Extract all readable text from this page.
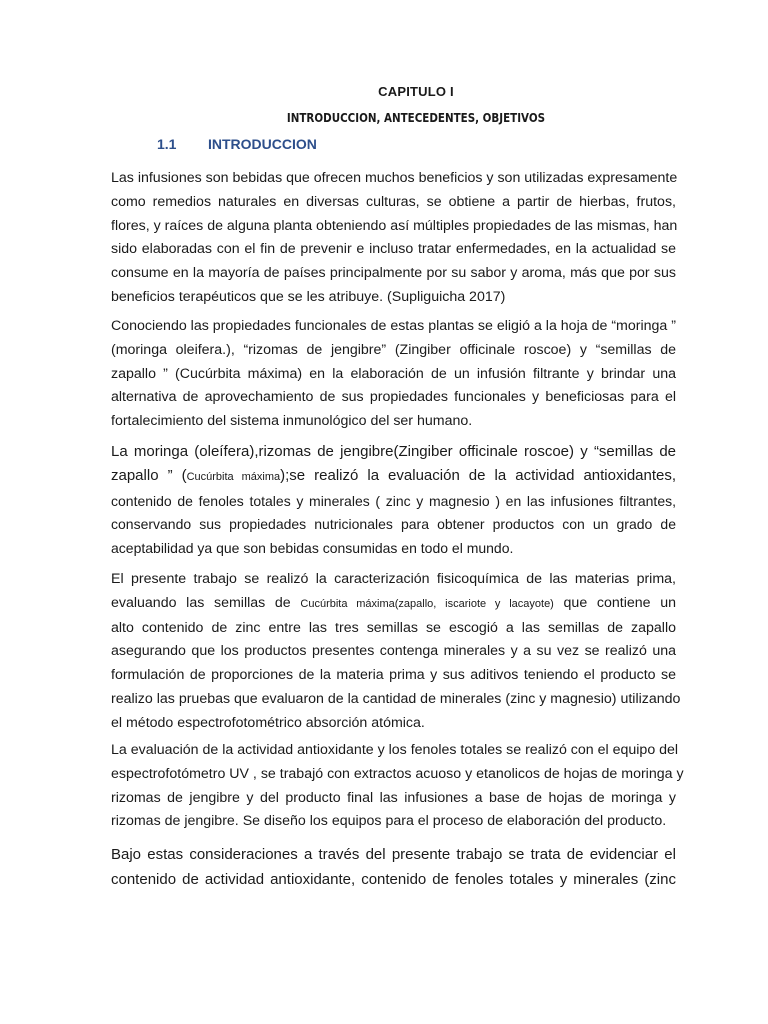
CAPITULO I
INTRODUCCION, ANTECEDENTES, OBJETIVOS
1.1 INTRODUCCION
Las infusiones son bebidas que ofrecen muchos beneficios y son utilizadas expresamente
como remedios naturales en diversas culturas, se obtiene a partir de hierbas, frutos,
flores, y raíces de alguna planta obteniendo así múltiples propiedades de las mismas, han
sido elaboradas con el fin de prevenir e incluso tratar enfermedades, en la actualidad se
consume en la mayoría de países principalmente por su sabor y aroma, más que por sus
beneficios terapéuticos que se les atribuye. (Supliguicha 2017)
Conociendo las propiedades funcionales de estas plantas se eligió a la hoja de “moringa ”
(moringa oleifera.), “rizomas de jengibre” (Zingiber officinale roscoe) y “semillas de
zapallo ” (Cucúrbita máxima) en la elaboración de un infusión filtrante y brindar una
alternativa de aprovechamiento de sus propiedades funcionales y beneficiosas para el
fortalecimiento del sistema inmunológico del ser humano.
La moringa (oleífera),rizomas de jengibre(Zingiber officinale roscoe) y “semillas de
zapallo ” (Cucúrbita máxima);se realizó la evaluación de la actividad antioxidantes,
contenido de fenoles totales y minerales ( zinc y magnesio ) en las infusiones filtrantes,
conservando sus propiedades nutricionales para obtener productos con un grado de
aceptabilidad ya que son bebidas consumidas en todo el mundo.
El presente trabajo se realizó la caracterización fisicoquímica de las materias prima,
evaluando las semillas de Cucúrbita máxima(zapallo, iscariote y lacayote) que contiene un
alto contenido de zinc entre las tres semillas se escogió a las semillas de zapallo
asegurando que los productos presentes contenga minerales y a su vez se realizó una
formulación de proporciones de la materia prima y sus aditivos teniendo el producto se
realizo las pruebas que evaluaron de la cantidad de minerales (zinc y magnesio) utilizando
el método espectrofotométrico absorción atómica.
La evaluación de la actividad antioxidante y los fenoles totales se realizó con el equipo del
espectrofotómetro UV , se trabajó con extractos acuoso y etanolicos de hojas de moringa y
rizomas de jengibre y del producto final las infusiones a base de hojas de moringa y
rizomas de jengibre. Se diseño los equipos para el proceso de elaboración del producto.
Bajo estas consideraciones a través del presente trabajo se trata de evidenciar el
contenido de actividad antioxidante, contenido de fenoles totales y minerales (zinc
